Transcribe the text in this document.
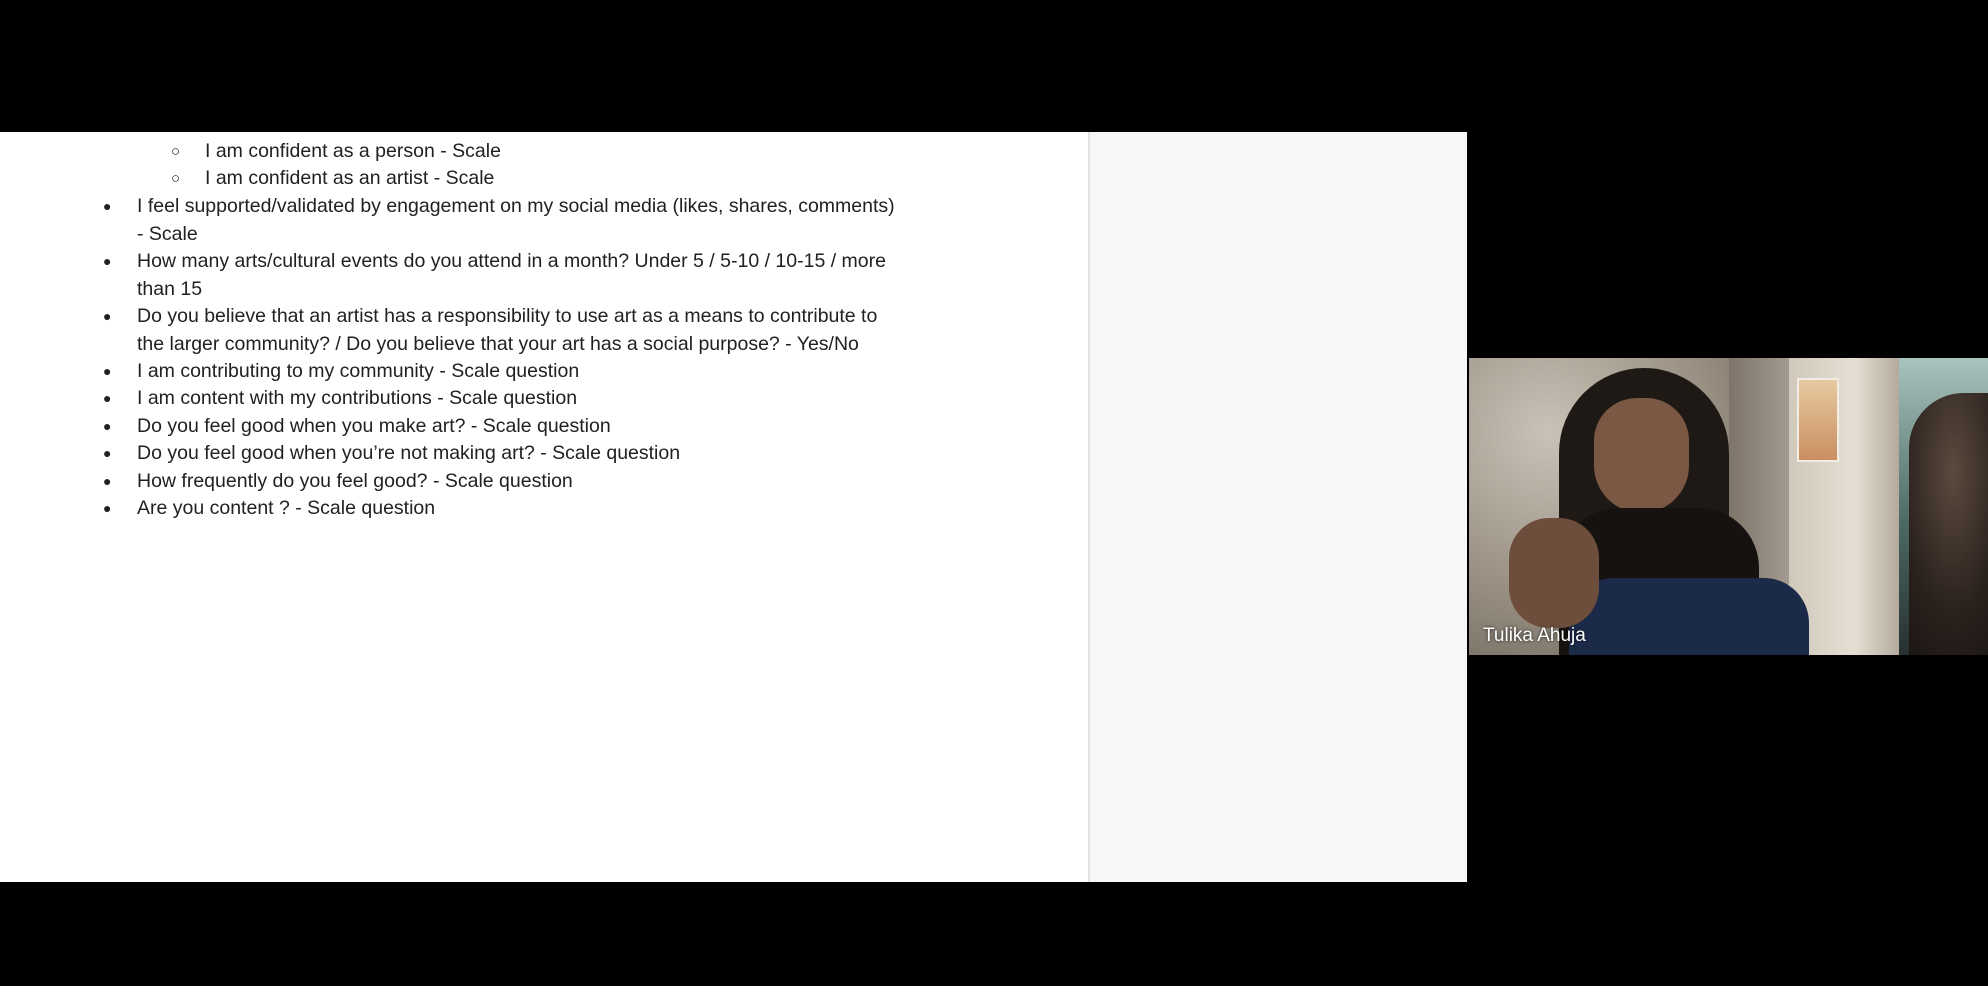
○ I am confident as a person - Scale
○ I am confident as an artist - Scale
● I feel supported/validated by engagement on my social media (likes, shares, comments)
- Scale
● How many arts/cultural events do you attend in a month? Under 5 / 5-10 / 10-15 / more
than 15
● Do you believe that an artist has a responsibility to use art as a means to contribute to
the larger community? / Do you believe that your art has a social purpose? - Yes/No
● I am contributing to my community - Scale question
● I am content with my contributions - Scale question
● Do you feel good when you make art? - Scale question
● Do you feel good when you’re not making art? - Scale question
● How frequently do you feel good? - Scale question
● Are you content ? - Scale question
Tulika Ahuja
